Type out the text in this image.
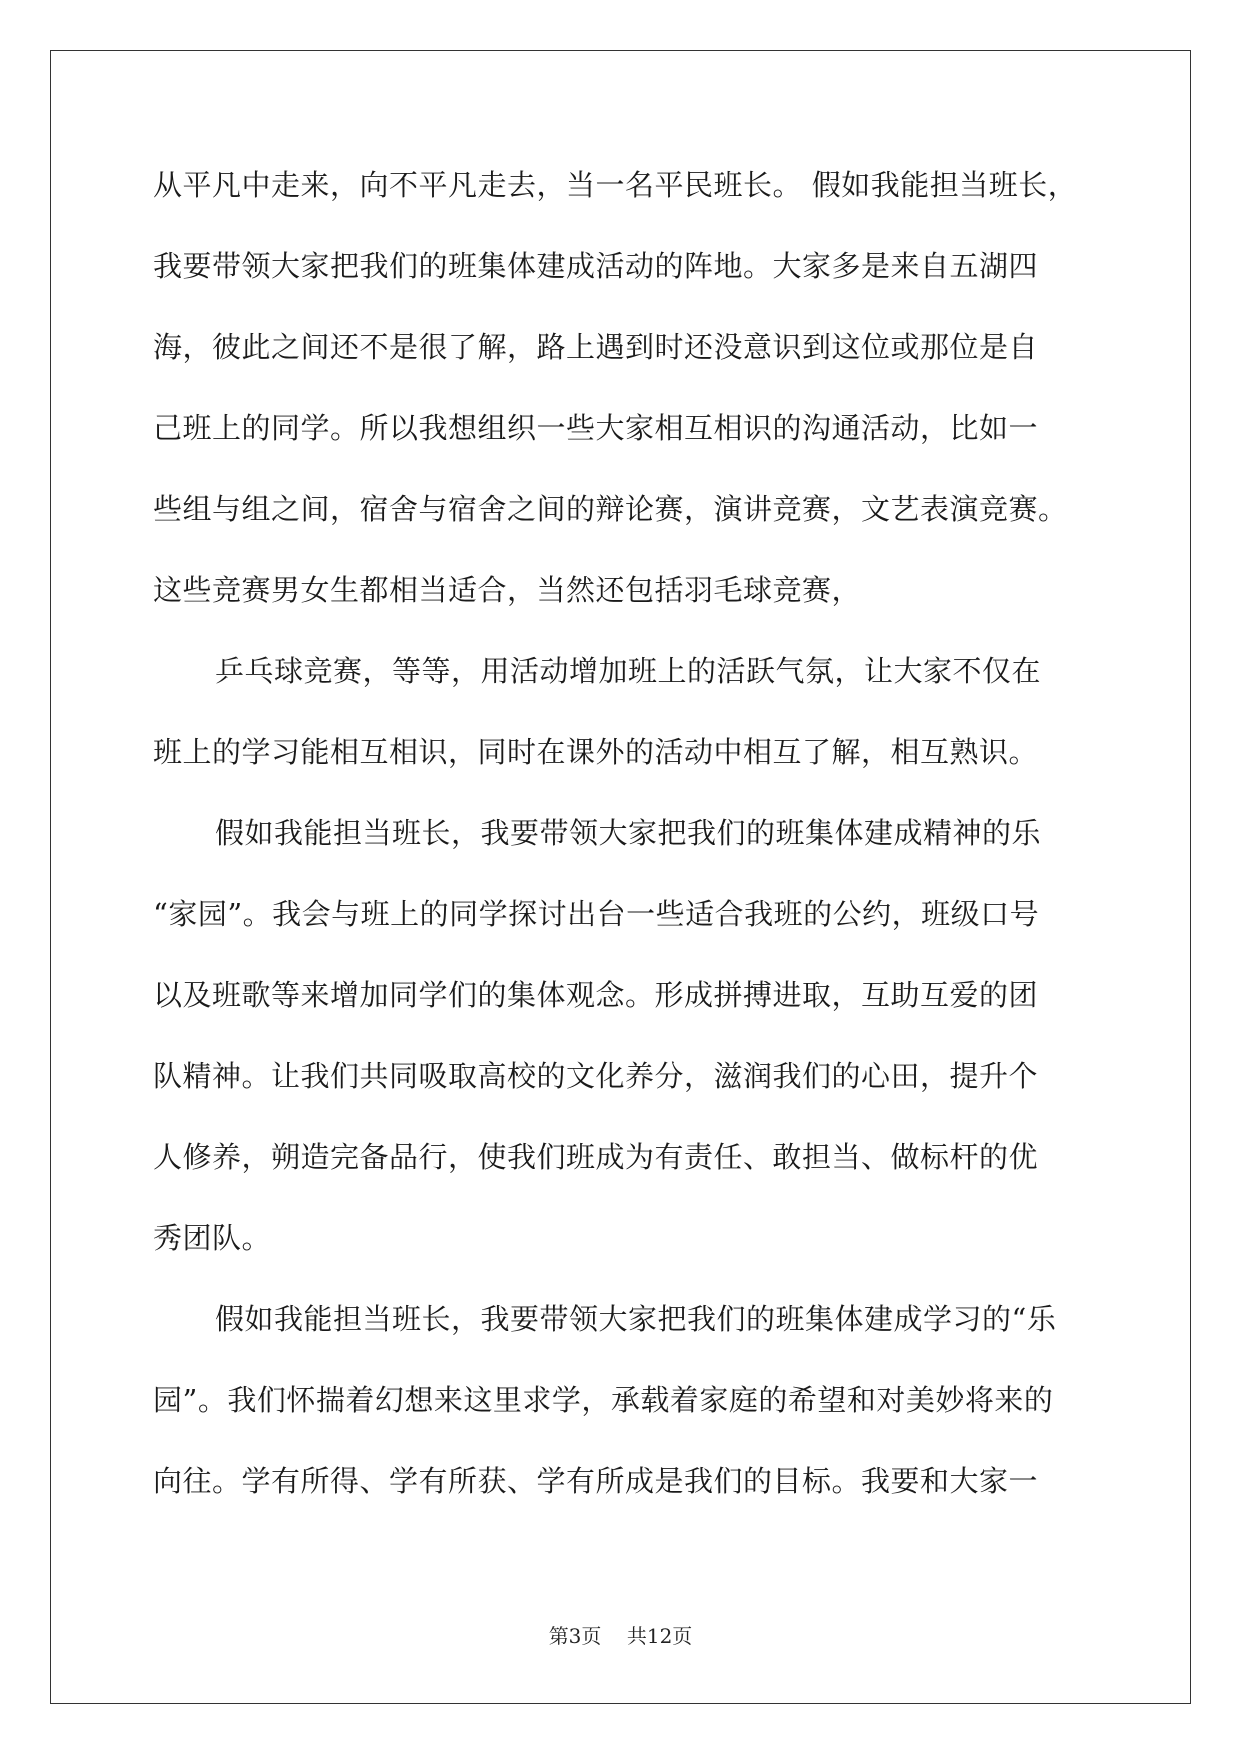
从平凡中走来，向不平凡走去，当一名平民班长。 假如我能担当班长，
我要带领大家把我们的班集体建成活动的阵地。大家多是来自五湖四
海，彼此之间还不是很了解，路上遇到时还没意识到这位或那位是自
己班上的同学。所以我想组织一些大家相互相识的沟通活动，比如一
些组与组之间，宿舍与宿舍之间的辩论赛，演讲竞赛，文艺表演竞赛。
这些竞赛男女生都相当适合，当然还包括羽毛球竞赛，
乒乓球竞赛，等等，用活动增加班上的活跃气氛，让大家不仅在
班上的学习能相互相识，同时在课外的活动中相互了解，相互熟识。
假如我能担当班长，我要带领大家把我们的班集体建成精神的乐
“家园”。我会与班上的同学探讨出台一些适合我班的公约，班级口号
以及班歌等来增加同学们的集体观念。形成拼搏进取，互助互爱的团
队精神。让我们共同吸取高校的文化养分，滋润我们的心田，提升个
人修养，朔造完备品行，使我们班成为有责任、敢担当、做标杆的优
秀团队。
假如我能担当班长，我要带领大家把我们的班集体建成学习的“乐
园”。我们怀揣着幻想来这里求学，承载着家庭的希望和对美妙将来的
向往。学有所得、学有所获、学有所成是我们的目标。我要和大家一
第3页 共12页
